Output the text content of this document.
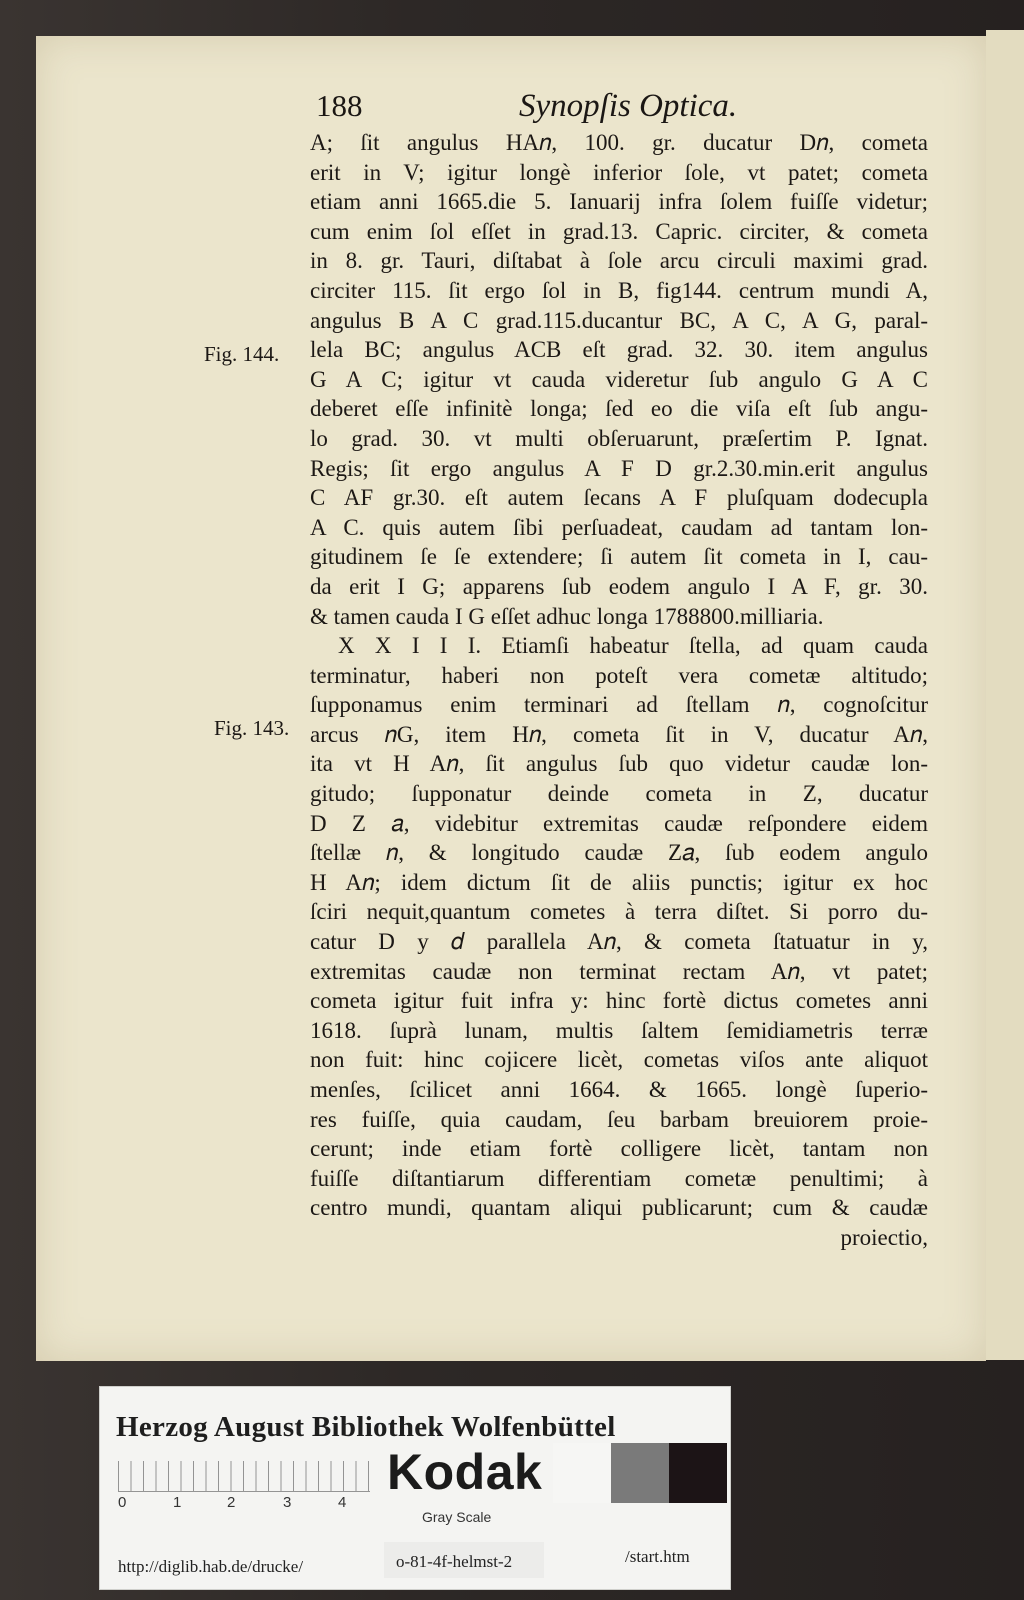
188	Synopſis Optica.
Fig. 144.
Fig. 143.
A; ſit angulus HA𝑛, 100. gr. ducatur D𝑛, cometa
erit in V; igitur longè inferior ſole, vt patet; cometa
etiam anni 1665.die 5. Ianuarij infra ſolem fuiſſe videtur;
cum enim ſol eſſet in grad.13. Capric. circiter, & cometa
in 8. gr. Tauri, diſtabat à ſole arcu circuli maximi grad.
circiter 115. ſit ergo ſol in B, fig144. centrum mundi A,
angulus B A C grad.115.ducantur BC, A C, A G, paral-
lela BC; angulus ACB eſt grad. 32. 30. item angulus
G A C; igitur vt cauda videretur ſub angulo G A C
deberet eſſe infinitè longa; ſed eo die viſa eſt ſub angu-
lo grad. 30. vt multi obſeruarunt, præſertim P. Ignat.
Regis; ſit ergo angulus A F D gr.2.30.min.erit angulus
C AF gr.30. eſt autem ſecans A F pluſquam dodecupla
A C. quis autem ſibi perſuadeat, caudam ad tantam lon-
gitudinem ſe ſe extendere; ſi autem ſit cometa in I, cau-
da erit I G; apparens ſub eodem angulo I A F, gr. 30.
& tamen cauda I G eſſet adhuc longa 1788800.milliaria.
X X I I I. Etiamſi habeatur ſtella, ad quam cauda
terminatur, haberi non poteſt vera cometæ altitudo;
ſupponamus enim terminari ad ſtellam 𝑛, cognoſcitur
arcus 𝑛G, item H𝑛, cometa ſit in V, ducatur A𝑛,
ita vt H A𝑛, ſit angulus ſub quo videtur caudæ lon-
gitudo; ſupponatur deinde cometa in Z, ducatur
D Z 𝑎, videbitur extremitas caudæ reſpondere eidem
ſtellæ 𝑛, & longitudo caudæ Z𝑎, ſub eodem angulo
H A𝑛; idem dictum ſit de aliis punctis; igitur ex hoc
ſciri nequit,quantum cometes à terra diſtet. Si porro du-
catur D y 𝑑 parallela A𝑛, & cometa ſtatuatur in y,
extremitas caudæ non terminat rectam A𝑛, vt patet;
cometa igitur fuit infra y: hinc fortè dictus cometes anni
1618. ſuprà lunam, multis ſaltem ſemidiametris terræ
non fuit: hinc cojicere licèt, cometas viſos ante aliquot
menſes, ſcilicet anni 1664. & 1665. longè ſuperio-
res fuiſſe, quia caudam, ſeu barbam breuiorem proie-
cerunt; inde etiam fortè colligere licèt, tantam non
fuiſſe diſtantiarum differentiam cometæ penultimi; à
centro mundi, quantam aliqui publicarunt; cum & caudæ
proiectio,
Herzog August Bibliothek Wolfenbüttel
0	1	2	3	4
Kodak
Gray Scale
http://diglib.hab.de/drucke/	o-81-4f-helmst-2	/start.htm
